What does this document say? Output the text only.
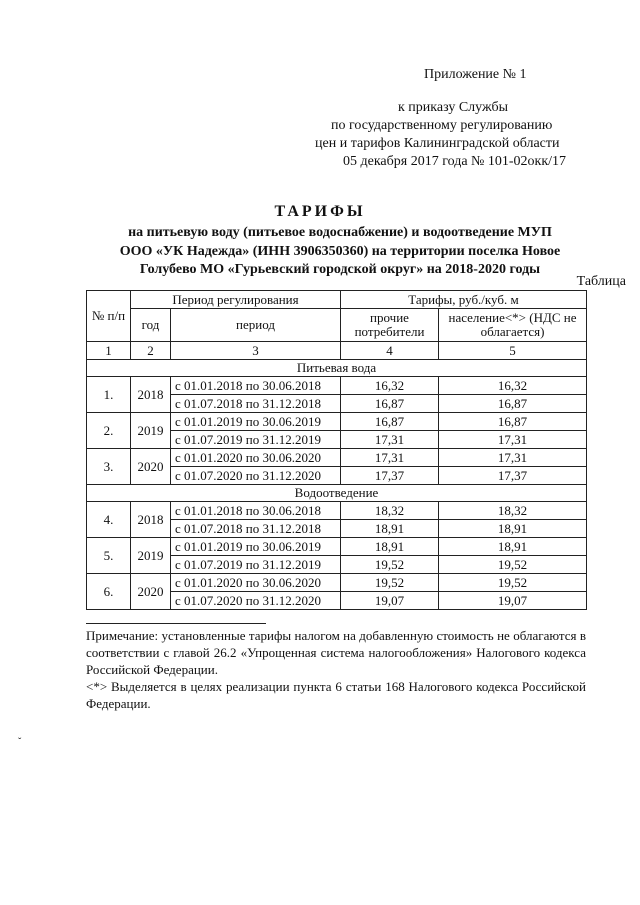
Приложение № 1
к приказу Службы
по государственному регулированию
цен и тарифов Калининградской области
05 декабря 2017 года № 101-02окк/17
ТАРИФЫ
на питьевую воду (питьевое водоснабжение) и водоотведение МУП
ООО «УК Надежда» (ИНН 3906350360) на территории поселка Новое
Голубево МО «Гурьевский городской округ» на 2018-2020 годы
Таблица
№ п/п	Период регулирования		Тарифы, руб./куб. м	
	год	период	прочие потребители	население<*> (НДС не облагается)
1	2	3	4	5
Питьевая вода				
1.	2018	с 01.01.2018 по 30.06.2018	16,32	16,32
		с 01.07.2018 по 31.12.2018	16,87	16,87
2.	2019	с 01.01.2019 по 30.06.2019	16,87	16,87
		с 01.07.2019 по 31.12.2019	17,31	17,31
3.	2020	с 01.01.2020 по 30.06.2020	17,31	17,31
		с 01.07.2020 по 31.12.2020	17,37	17,37
Водоотведение				
4.	2018	с 01.01.2018 по 30.06.2018	18,32	18,32
		с 01.07.2018 по 31.12.2018	18,91	18,91
5.	2019	с 01.01.2019 по 30.06.2019	18,91	18,91
		с 01.07.2019 по 31.12.2019	19,52	19,52
6.	2020	с 01.01.2020 по 30.06.2020	19,52	19,52
		с 01.07.2020 по 31.12.2020	19,07	19,07
Примечание: установленные тарифы налогом на добавленную стоимость не облагаются в соответствии с главой 26.2 «Упрощенная система налогообложения» Налогового кодекса Российской Федерации.
<*> Выделяется в целях реализации пункта 6 статьи 168 Налогового кодекса Российской Федерации.
ˇ
